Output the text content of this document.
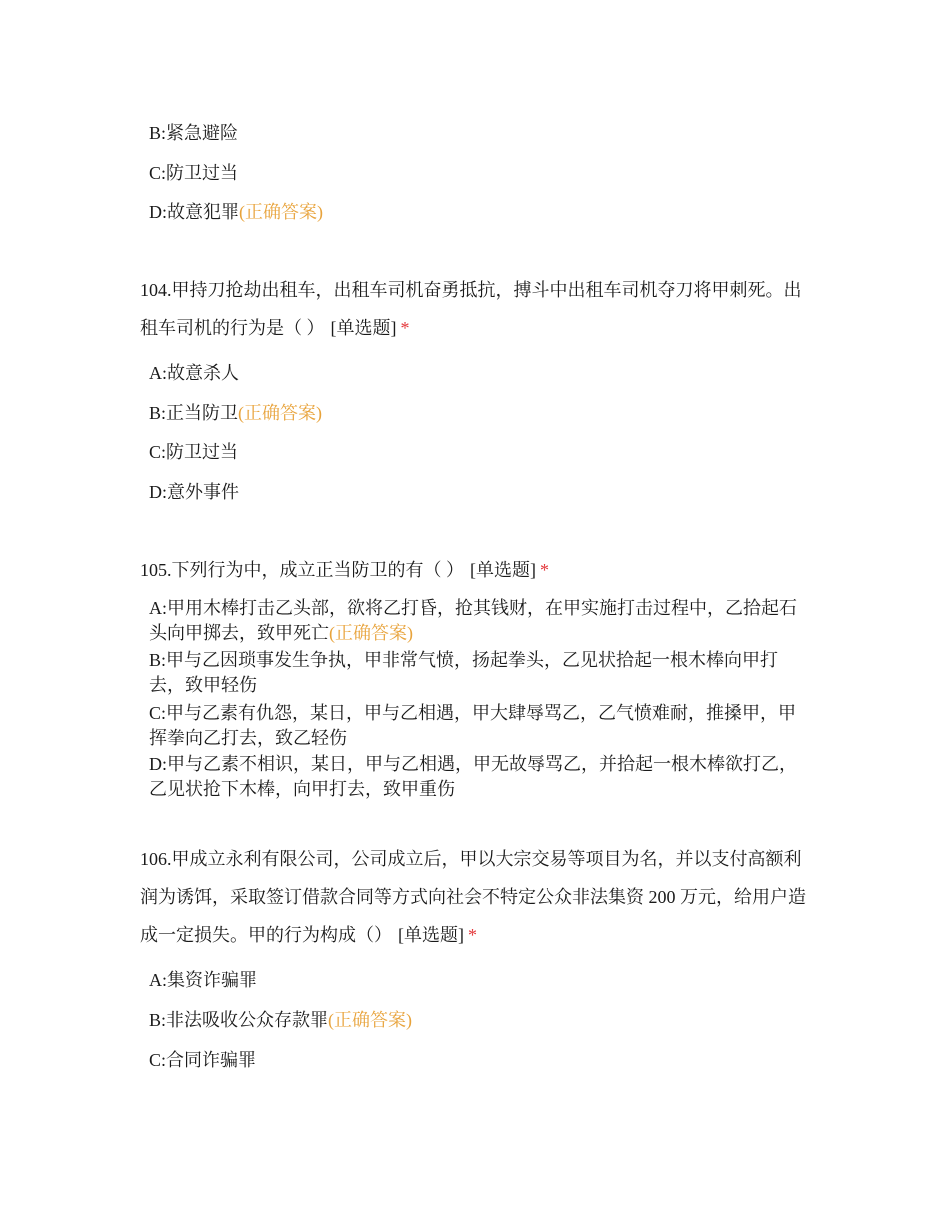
B:紧急避险
C:防卫过当
D:故意犯罪(正确答案)
104.甲持刀抢劫出租车，出租车司机奋勇抵抗，搏斗中出租车司机夺刀将甲刺死。出租车司机的行为是（ ） [单选题] *
A:故意杀人
B:正当防卫(正确答案)
C:防卫过当
D:意外事件
105.下列行为中，成立正当防卫的有（ ） [单选题] *
A:甲用木棒打击乙头部，欲将乙打昏，抢其钱财，在甲实施打击过程中，乙拾起石头向甲掷去，致甲死亡(正确答案)
B:甲与乙因琐事发生争执，甲非常气愤，扬起拳头，乙见状拾起一根木棒向甲打去，致甲轻伤
C:甲与乙素有仇怨，某日，甲与乙相遇，甲大肆辱骂乙，乙气愤难耐，推搡甲，甲挥拳向乙打去，致乙轻伤
D:甲与乙素不相识，某日，甲与乙相遇，甲无故辱骂乙，并拾起一根木棒欲打乙，乙见状抢下木棒，向甲打去，致甲重伤
106.甲成立永利有限公司，公司成立后，甲以大宗交易等项目为名，并以支付高额利润为诱饵，采取签订借款合同等方式向社会不特定公众非法集资 200 万元，给用户造成一定损失。甲的行为构成（） [单选题] *
A:集资诈骗罪
B:非法吸收公众存款罪(正确答案)
C:合同诈骗罪
